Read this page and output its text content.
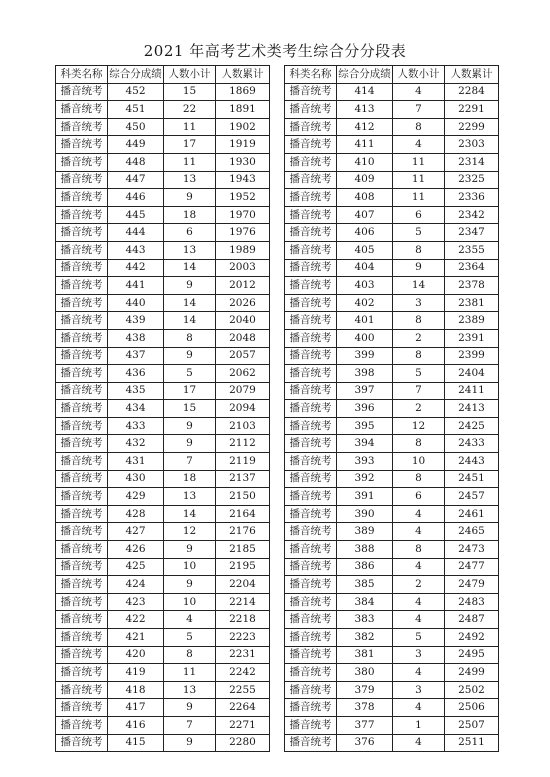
2021 年高考艺术类考生综合分分段表
科类名称	综合分成绩	人数小计	人数累计
播音统考	452	15	1869
播音统考	451	22	1891
播音统考	450	11	1902
播音统考	449	17	1919
播音统考	448	11	1930
播音统考	447	13	1943
播音统考	446	9	1952
播音统考	445	18	1970
播音统考	444	6	1976
播音统考	443	13	1989
播音统考	442	14	2003
播音统考	441	9	2012
播音统考	440	14	2026
播音统考	439	14	2040
播音统考	438	8	2048
播音统考	437	9	2057
播音统考	436	5	2062
播音统考	435	17	2079
播音统考	434	15	2094
播音统考	433	9	2103
播音统考	432	9	2112
播音统考	431	7	2119
播音统考	430	18	2137
播音统考	429	13	2150
播音统考	428	14	2164
播音统考	427	12	2176
播音统考	426	9	2185
播音统考	425	10	2195
播音统考	424	9	2204
播音统考	423	10	2214
播音统考	422	4	2218
播音统考	421	5	2223
播音统考	420	8	2231
播音统考	419	11	2242
播音统考	418	13	2255
播音统考	417	9	2264
播音统考	416	7	2271
播音统考	415	9	2280
科类名称	综合分成绩	人数小计	人数累计
播音统考	414	4	2284
播音统考	413	7	2291
播音统考	412	8	2299
播音统考	411	4	2303
播音统考	410	11	2314
播音统考	409	11	2325
播音统考	408	11	2336
播音统考	407	6	2342
播音统考	406	5	2347
播音统考	405	8	2355
播音统考	404	9	2364
播音统考	403	14	2378
播音统考	402	3	2381
播音统考	401	8	2389
播音统考	400	2	2391
播音统考	399	8	2399
播音统考	398	5	2404
播音统考	397	7	2411
播音统考	396	2	2413
播音统考	395	12	2425
播音统考	394	8	2433
播音统考	393	10	2443
播音统考	392	8	2451
播音统考	391	6	2457
播音统考	390	4	2461
播音统考	389	4	2465
播音统考	388	8	2473
播音统考	386	4	2477
播音统考	385	2	2479
播音统考	384	4	2483
播音统考	383	4	2487
播音统考	382	5	2492
播音统考	381	3	2495
播音统考	380	4	2499
播音统考	379	3	2502
播音统考	378	4	2506
播音统考	377	1	2507
播音统考	376	4	2511
